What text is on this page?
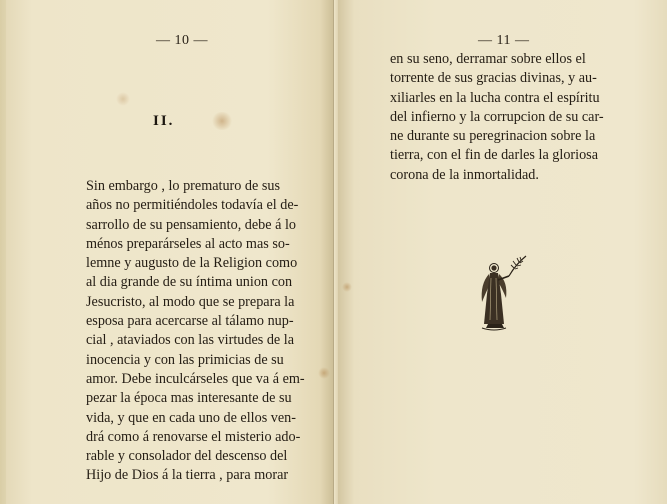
— 10 —
II.
Sin embargo , lo prematuro de sus
años no permitiéndoles todavía el de-
sarrollo de su pensamiento, debe á lo
ménos preparárseles al acto mas so-
lemne y augusto de la Religion como
al dia grande de su íntima union con
Jesucristo, al modo que se prepara la
esposa para acercarse al tálamo nup-
cial , ataviados con las virtudes de la
inocencia y con las primicias de su
amor. Debe inculcárseles que va á em-
pezar la época mas interesante de su
vida, y que en cada uno de ellos ven-
drá como á renovarse el misterio ado-
rable y consolador del descenso del
Hijo de Dios á la tierra , para morar
— 11 —
en su seno, derramar sobre ellos el
torrente de sus gracias divinas, y au-
xiliarles en la lucha contra el espíritu
del infierno y la corrupcion de su car-
ne durante su peregrinacion sobre la
tierra, con el fin de darles la gloriosa
corona de la inmortalidad.
